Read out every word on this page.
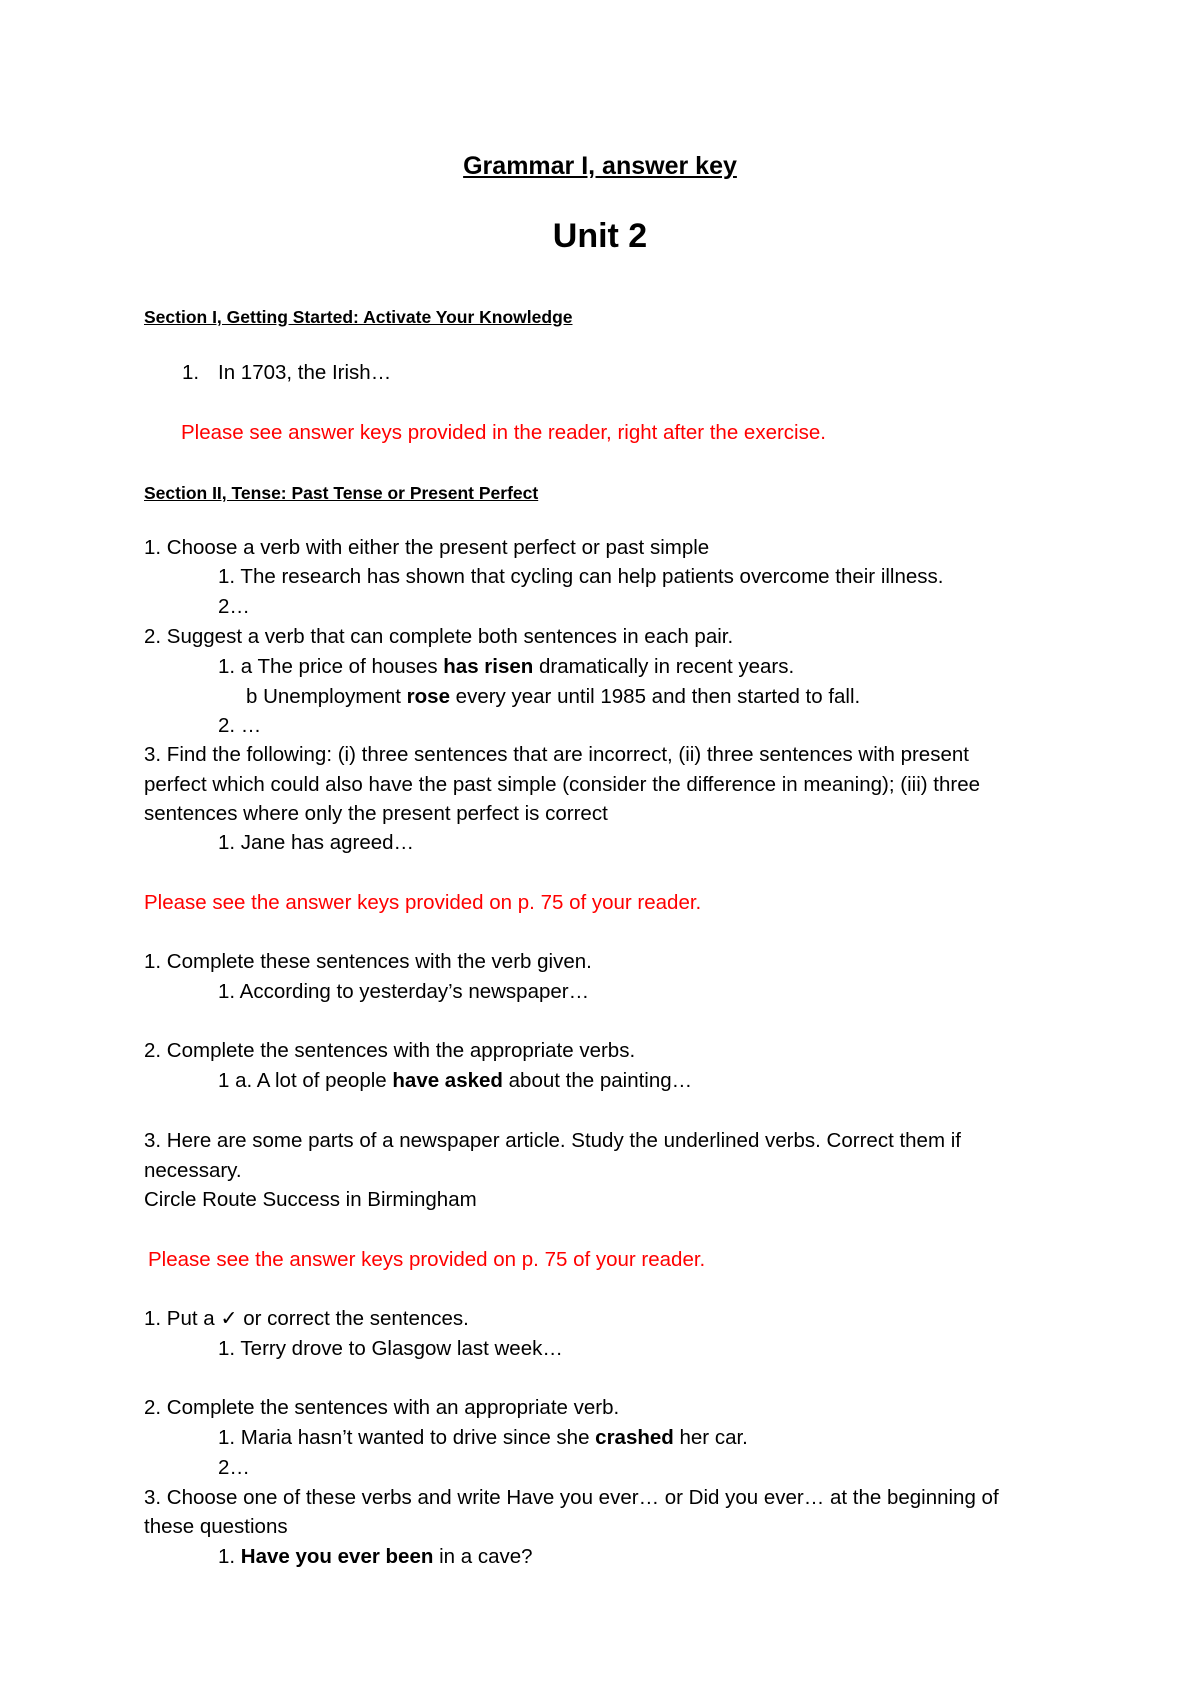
Grammar I, answer key
Unit 2
Section I, Getting Started: Activate Your Knowledge
1. In 1703, the Irish…
Please see answer keys provided in the reader, right after the exercise.
Section II, Tense: Past Tense or Present Perfect
1. Choose a verb with either the present perfect or past simple
1. The research has shown that cycling can help patients overcome their illness.
2…
2. Suggest a verb that can complete both sentences in each pair.
1. a The price of houses has risen dramatically in recent years.
b Unemployment rose every year until 1985 and then started to fall.
2. …
3. Find the following: (i) three sentences that are incorrect, (ii) three sentences with present
perfect which could also have the past simple (consider the difference in meaning); (iii) three
sentences where only the present perfect is correct
1. Jane has agreed…
Please see the answer keys provided on p. 75 of your reader.
1. Complete these sentences with the verb given.
1. According to yesterday’s newspaper…
2. Complete the sentences with the appropriate verbs.
1 a. A lot of people have asked about the painting…
3. Here are some parts of a newspaper article. Study the underlined verbs. Correct them if
necessary.
Circle Route Success in Birmingham
Please see the answer keys provided on p. 75 of your reader.
1. Put a ✓ or correct the sentences.
1. Terry drove to Glasgow last week…
2. Complete the sentences with an appropriate verb.
1. Maria hasn’t wanted to drive since she crashed her car.
2…
3. Choose one of these verbs and write Have you ever… or Did you ever… at the beginning of
these questions
1. Have you ever been in a cave?
